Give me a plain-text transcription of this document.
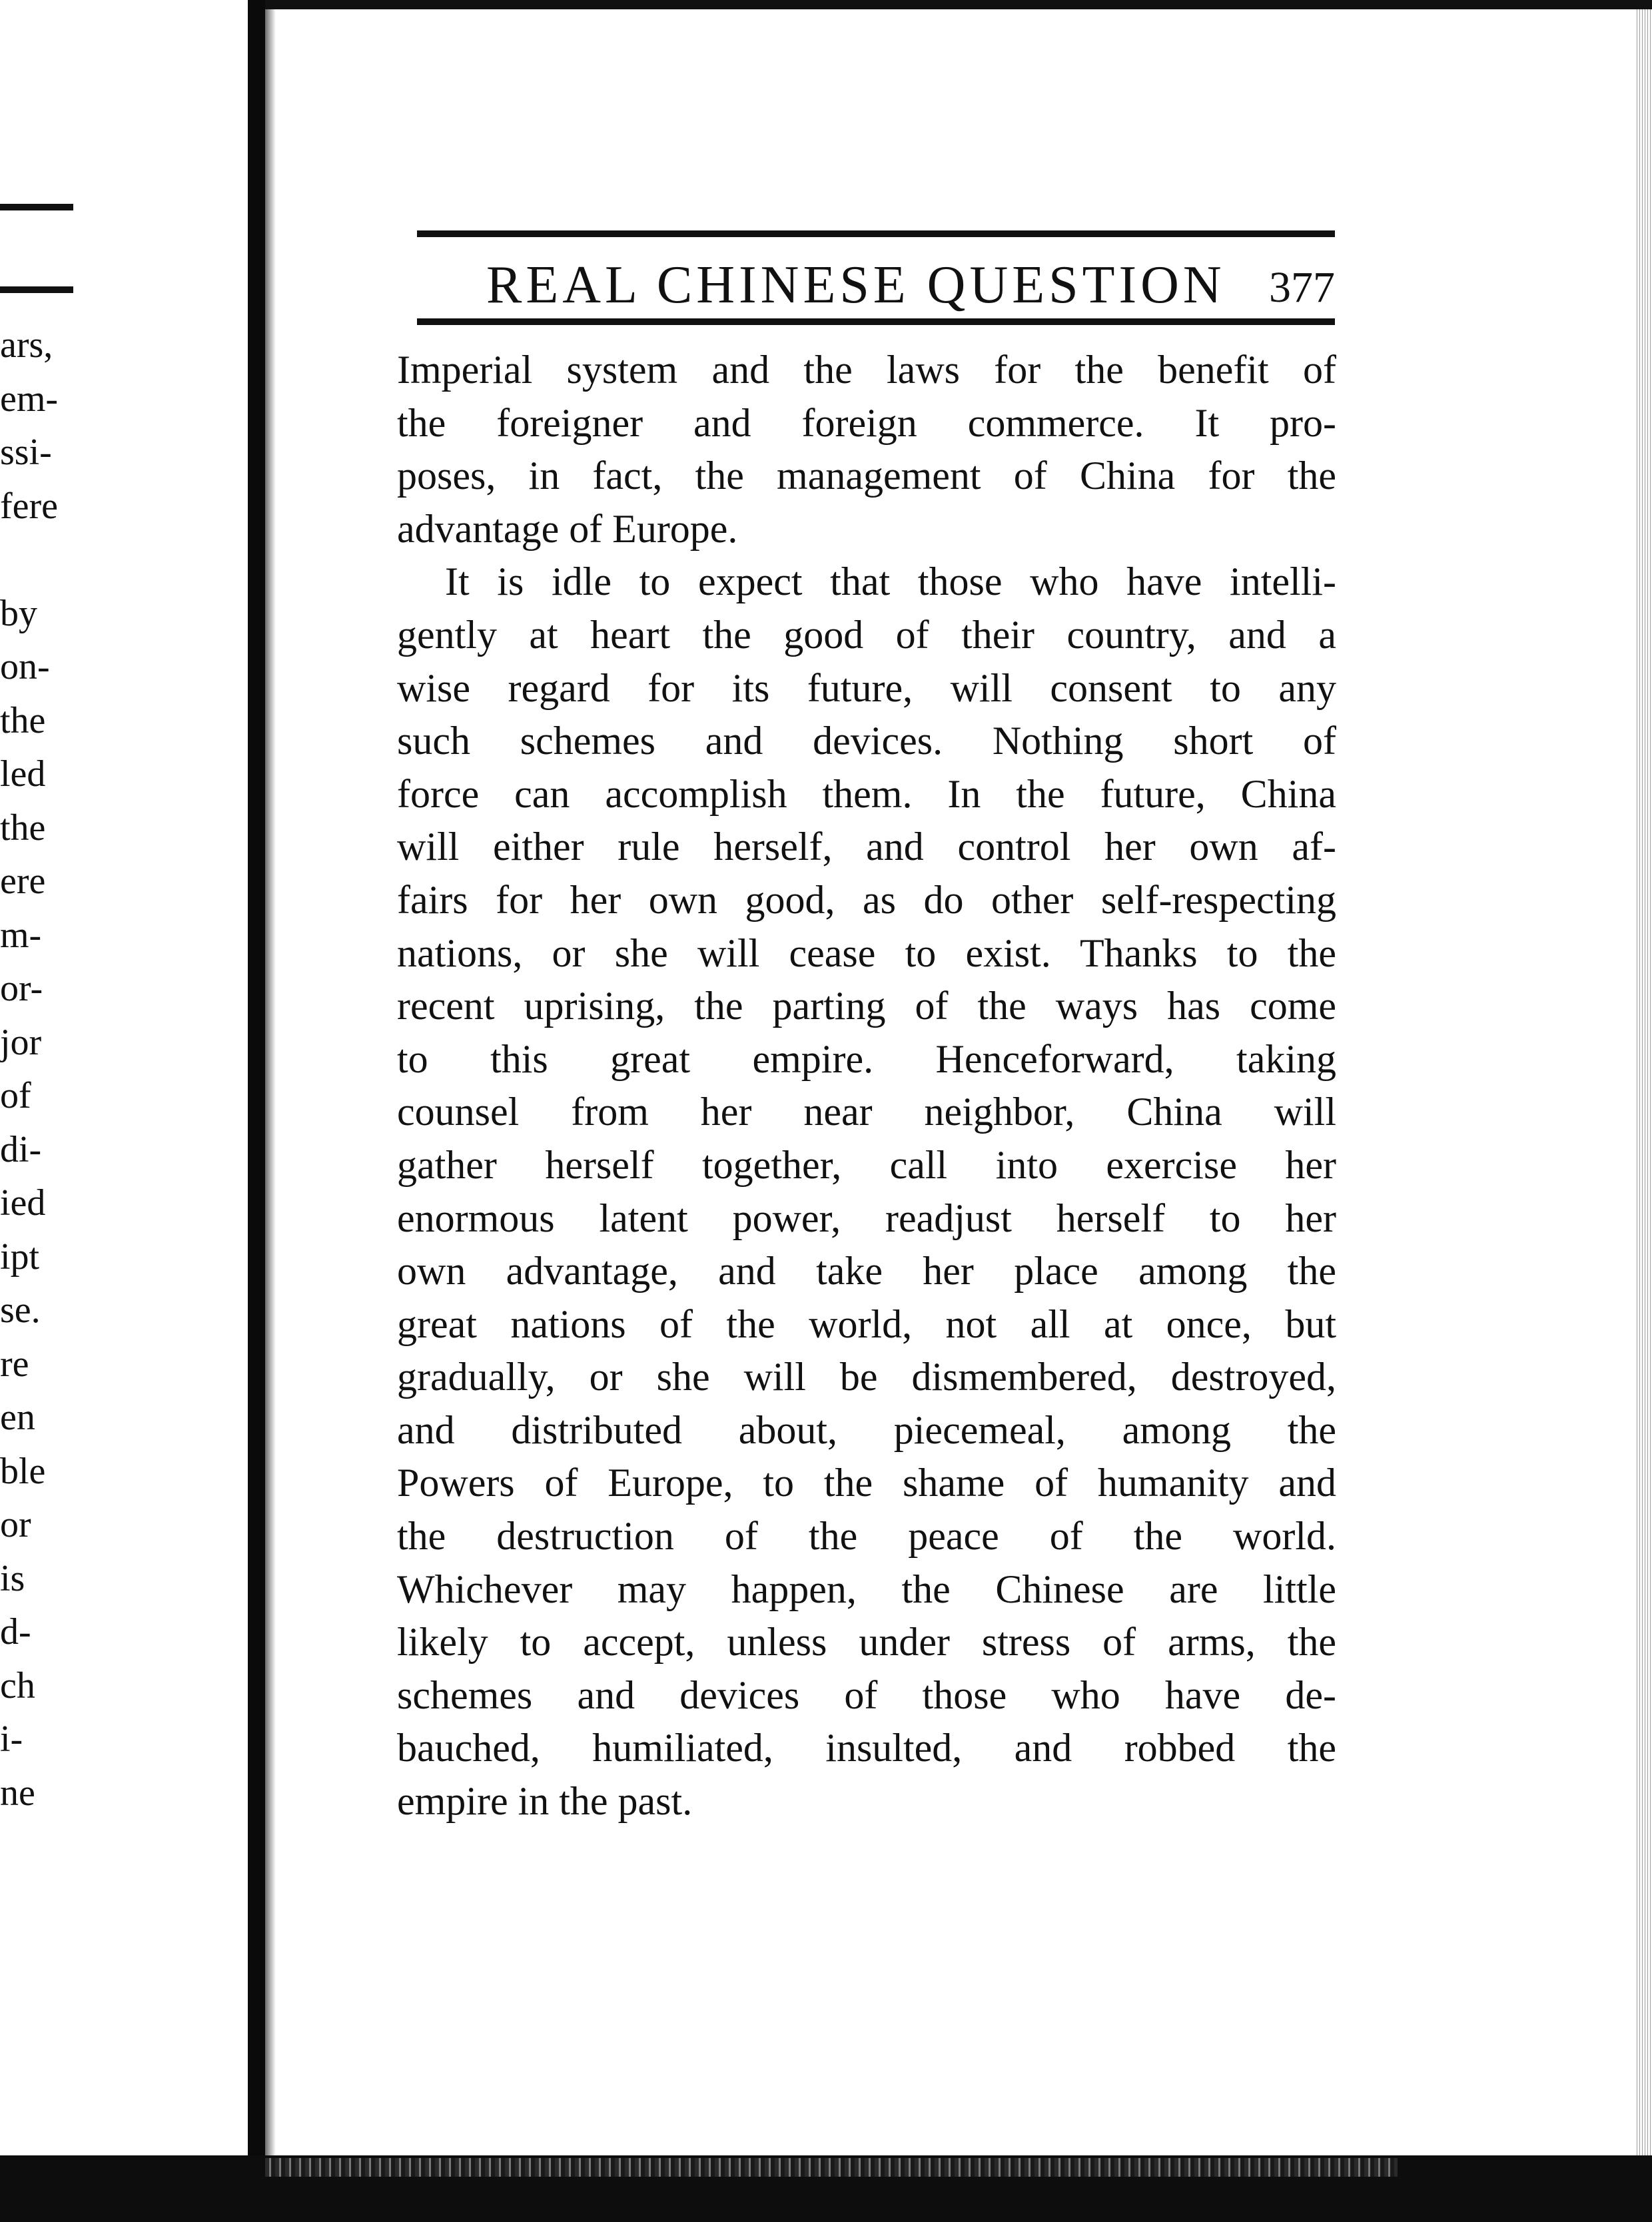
ars,
em-
ssi-
fere
by
on-
the
led
the
ere
m-
or-
jor
of
di-
ied
ipt
se.
re
en
ble
or
is
d-
ch
i-
ne
REAL CHINESE QUESTION 377
Imperial system and the laws for the benefit of
the foreigner and foreign commerce. It pro-
poses, in fact, the management of China for the
advantage of Europe.
It is idle to expect that those who have intelli-
gently at heart the good of their country, and a
wise regard for its future, will consent to any
such schemes and devices. Nothing short of
force can accomplish them. In the future, China
will either rule herself, and control her own af-
fairs for her own good, as do other self-respecting
nations, or she will cease to exist. Thanks to the
recent uprising, the parting of the ways has come
to this great empire. Henceforward, taking
counsel from her near neighbor, China will
gather herself together, call into exercise her
enormous latent power, readjust herself to her
own advantage, and take her place among the
great nations of the world, not all at once, but
gradually, or she will be dismembered, destroyed,
and distributed about, piecemeal, among the
Powers of Europe, to the shame of humanity and
the destruction of the peace of the world.
Whichever may happen, the Chinese are little
likely to accept, unless under stress of arms, the
schemes and devices of those who have de-
bauched, humiliated, insulted, and robbed the
empire in the past.
